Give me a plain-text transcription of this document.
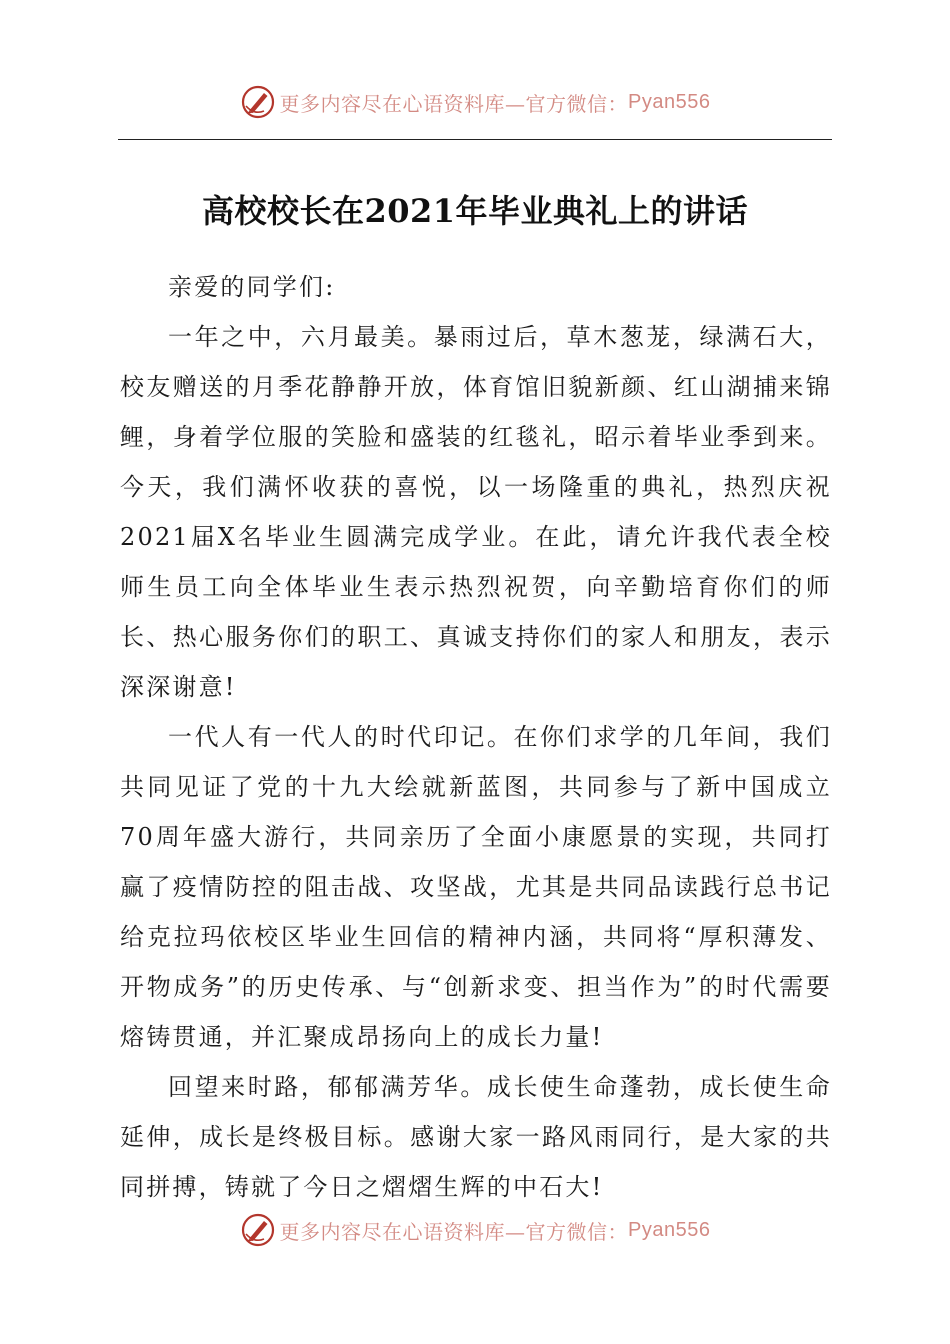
更多内容尽在心语资料库—官方微信： Pyan556
高校校长在2021年毕业典礼上的讲话

亲爱的同学们:

一年之中，六月最美。暴雨过后，草木葱茏，绿满石大，校友赠送的月季花静静开放，体育馆旧貌新颜、红山湖捕来锦鲤，身着学位服的笑脸和盛装的红毯礼，昭示着毕业季到来。今天，我们满怀收获的喜悦，以一场隆重的典礼，热烈庆祝2021届X名毕业生圆满完成学业。在此，请允许我代表全校师生员工向全体毕业生表示热烈祝贺，向辛勤培育你们的师长、热心服务你们的职工、真诚支持你们的家人和朋友，表示深深谢意!

一代人有一代人的时代印记。在你们求学的几年间，我们共同见证了党的十九大绘就新蓝图，共同参与了新中国成立70周年盛大游行，共同亲历了全面小康愿景的实现，共同打赢了疫情防控的阻击战、攻坚战，尤其是共同品读践行总书记给克拉玛依校区毕业生回信的精神内涵，共同将“厚积薄发、开物成务”的历史传承、与“创新求变、担当作为”的时代需要熔铸贯通，并汇聚成昂扬向上的成长力量!

回望来时路，郁郁满芳华。成长使生命蓬勃，成长使生命延伸，成长是终极目标。感谢大家一路风雨同行，是大家的共同拼搏，铸就了今日之熠熠生辉的中石大!

更多内容尽在心语资料库—官方微信： Pyan556
